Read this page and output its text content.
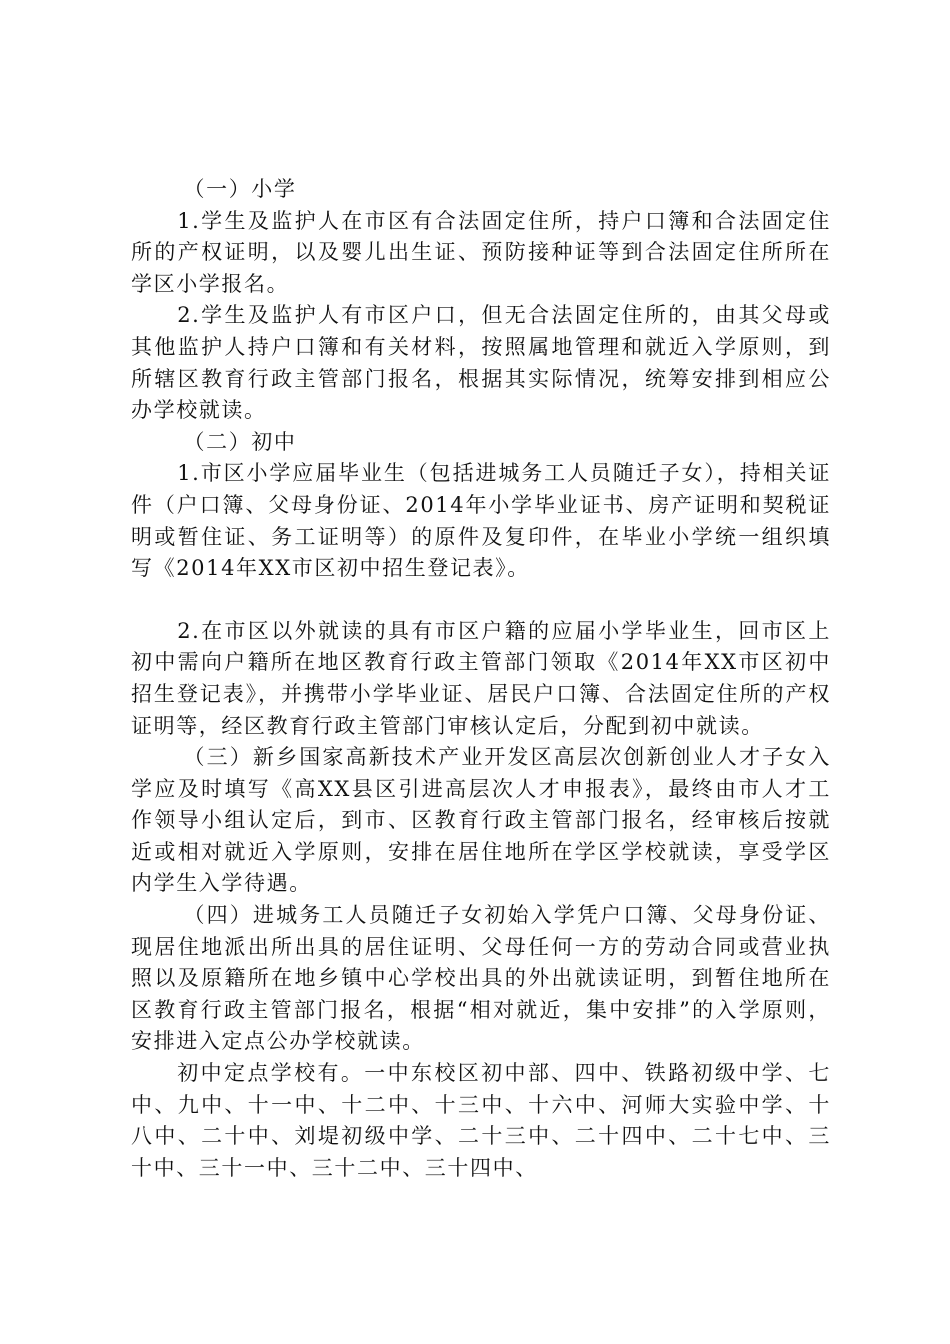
（一）小学

1.学生及监护人在市区有合法固定住所，持户口簿和合法固定住所的产权证明，以及婴儿出生证、预防接种证等到合法固定住所所在学区小学报名。

2.学生及监护人有市区户口，但无合法固定住所的，由其父母或其他监护人持户口簿和有关材料，按照属地管理和就近入学原则，到所辖区教育行政主管部门报名，根据其实际情况，统筹安排到相应公办学校就读。

（二）初中

1.市区小学应届毕业生（包括进城务工人员随迁子女），持相关证件（户口簿、父母身份证、2014年小学毕业证书、房产证明和契税证明或暂住证、务工证明等）的原件及复印件，在毕业小学统一组织填写《2014年XX市区初中招生登记表》。

2.在市区以外就读的具有市区户籍的应届小学毕业生，回市区上初中需向户籍所在地区教育行政主管部门领取《2014年XX市区初中招生登记表》，并携带小学毕业证、居民户口簿、合法固定住所的产权证明等，经区教育行政主管部门审核认定后，分配到初中就读。

（三）新乡国家高新技术产业开发区高层次创新创业人才子女入学应及时填写《高XX县区引进高层次人才申报表》，最终由市人才工作领导小组认定后，到市、区教育行政主管部门报名，经审核后按就近或相对就近入学原则，安排在居住地所在学区学校就读，享受学区内学生入学待遇。

（四）进城务工人员随迁子女初始入学凭户口簿、父母身份证、现居住地派出所出具的居住证明、父母任何一方的劳动合同或营业执照以及原籍所在地乡镇中心学校出具的外出就读证明，到暂住地所在区教育行政主管部门报名，根据“相对就近，集中安排”的入学原则，安排进入定点公办学校就读。

初中定点学校有。一中东校区初中部、四中、铁路初级中学、七中、九中、十一中、十二中、十三中、十六中、河师大实验中学、十八中、二十中、刘堤初级中学、二十三中、二十四中、二十七中、三十中、三十一中、三十二中、三十四中、
